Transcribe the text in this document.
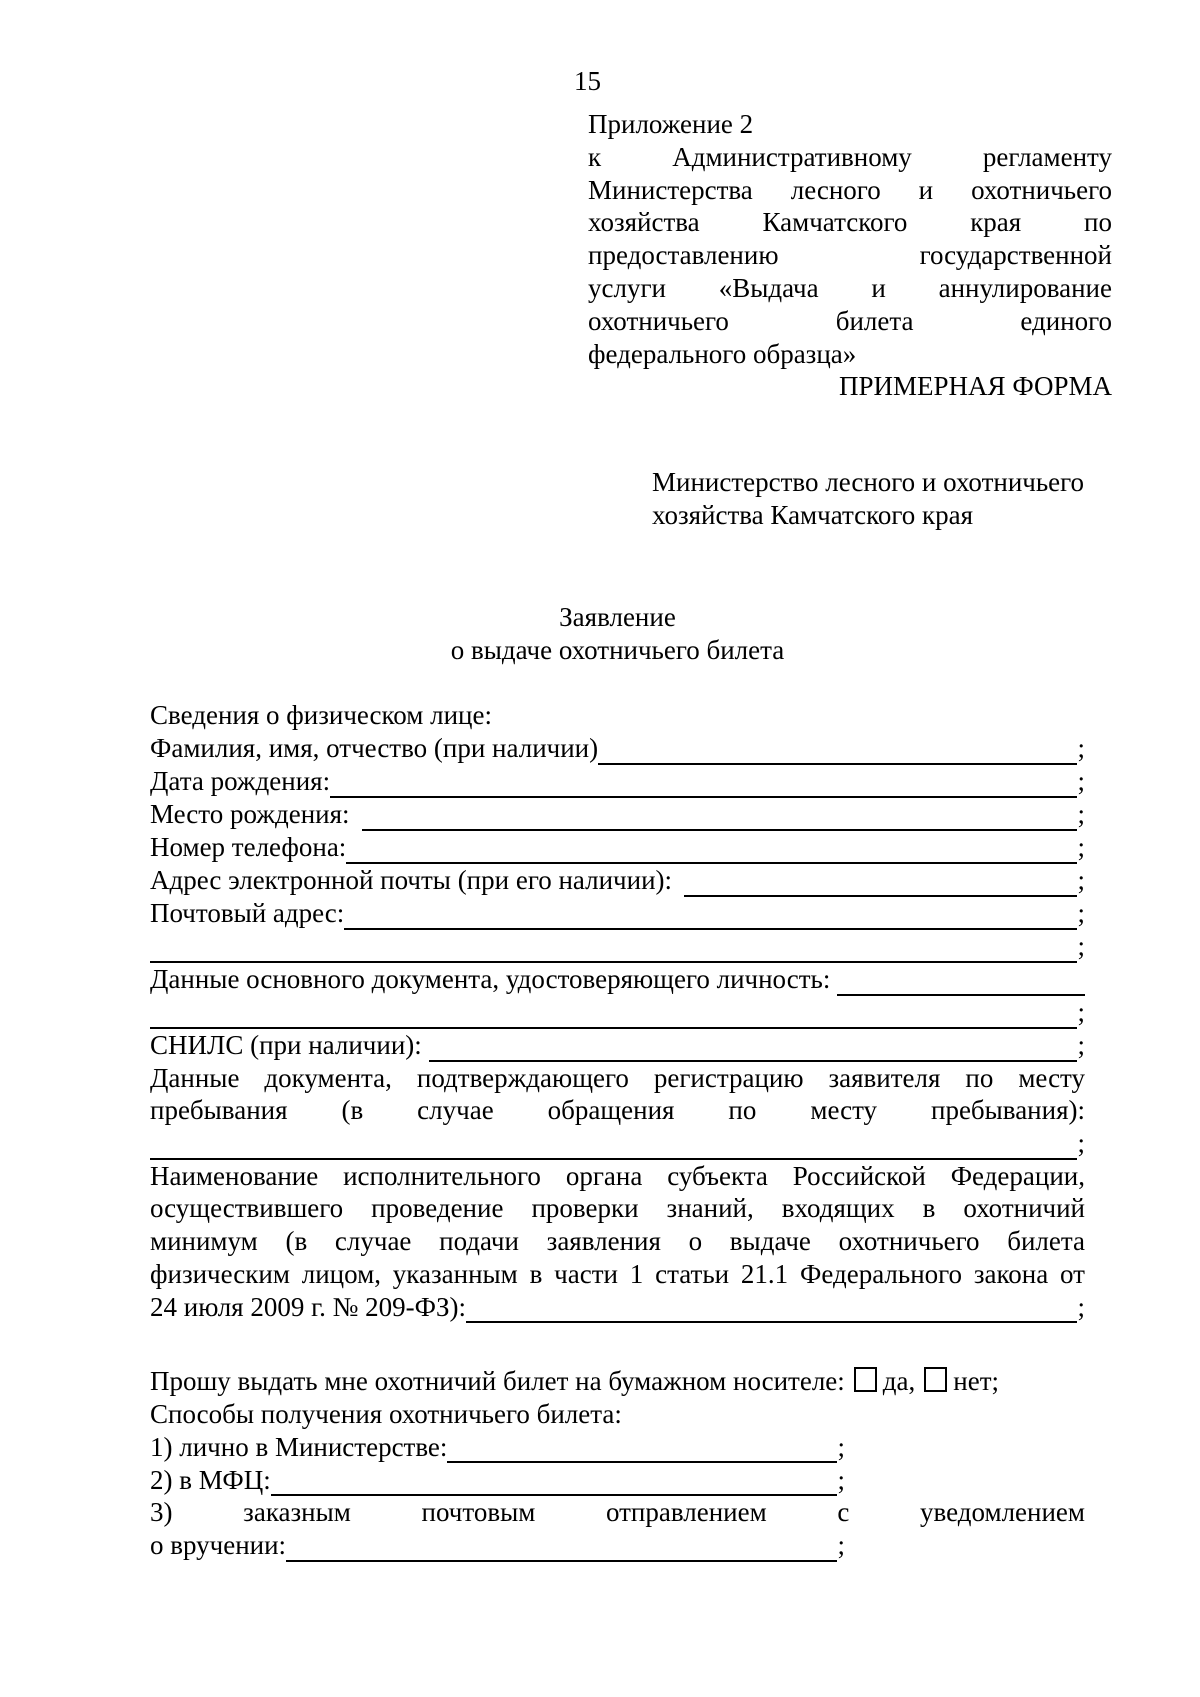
15
Приложение 2
к Административному регламенту
Министерства лесного и охотничьего
хозяйства Камчатского края по
предоставлению государственной
услуги «Выдача и аннулирование
охотничьего билета единого
федерального образца»
ПРИМЕРНАЯ ФОРМА
Министерство лесного и охотничьего
хозяйства Камчатского края
Заявление
о выдаче охотничьего билета
Сведения о физическом лице:
Фамилия, имя, отчество (при наличии)	;
Дата рождения:	;
Место рождения:	;
Номер телефона:	;
Адрес электронной почты (при его наличии):	;
Почтовый адрес:	;
;
Данные основного документа, удостоверяющего личность:
;
СНИЛС (при наличии):	;
Данные документа, подтверждающего регистрацию заявителя по месту
пребывания (в случае обращения по месту пребывания):
;
Наименование исполнительного органа субъекта Российской Федерации,
осуществившего проведение проверки знаний, входящих в охотничий
минимум (в случае подачи заявления о выдаче охотничьего билета
физическим лицом, указанным в части 1 статьи 21.1 Федерального закона от
24 июля 2009 г. № 209-ФЗ):	;
Прошу выдать мне охотничий билет на бумажном носителе: да, нет;
Способы получения охотничьего билета:
1) лично в Министерстве:	;
2) в МФЦ:	;
3) заказным почтовым отправлением с уведомлением
о вручении:	;
